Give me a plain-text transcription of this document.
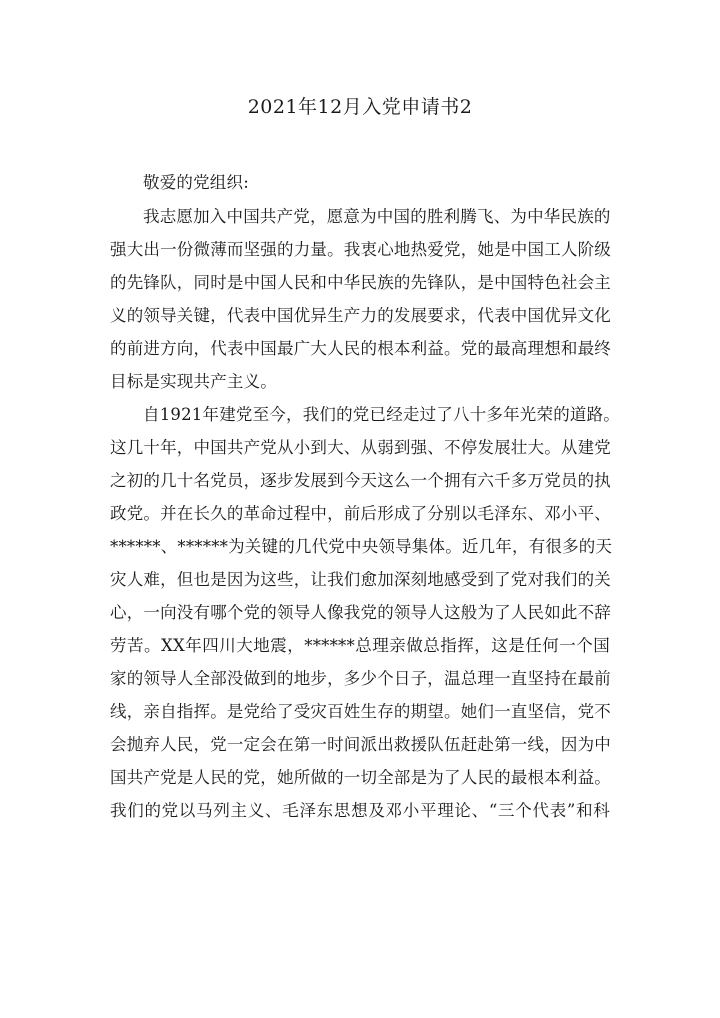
2021年12月入党申请书2
敬爱的党组织:
我志愿加入中国共产党，愿意为中国的胜利腾飞、为中华民族的
强大出一份微薄而坚强的力量。我衷心地热爱党，她是中国工人阶级
的先锋队，同时是中国人民和中华民族的先锋队，是中国特色社会主
义的领导关键，代表中国优异生产力的发展要求，代表中国优异文化
的前进方向，代表中国最广大人民的根本利益。党的最高理想和最终
目标是实现共产主义。
自1921年建党至今，我们的党已经走过了八十多年光荣的道路。
这几十年，中国共产党从小到大、从弱到强、不停发展壮大。从建党
之初的几十名党员，逐步发展到今天这么一个拥有六千多万党员的执
政党。并在长久的革命过程中，前后形成了分别以毛泽东、邓小平、
******、******为关键的几代党中央领导集体。近几年，有很多的天
灾人难，但也是因为这些，让我们愈加深刻地感受到了党对我们的关
心，一向没有哪个党的领导人像我党的领导人这般为了人民如此不辞
劳苦。XX年四川大地震，******总理亲做总指挥，这是任何一个国
家的领导人全部没做到的地步，多少个日子，温总理一直坚持在最前
线，亲自指挥。是党给了受灾百姓生存的期望。她们一直坚信，党不
会抛弃人民，党一定会在第一时间派出救援队伍赶赴第一线，因为中
国共产党是人民的党，她所做的一切全部是为了人民的最根本利益。
我们的党以马列主义、毛泽东思想及邓小平理论、“三个代表”和科
